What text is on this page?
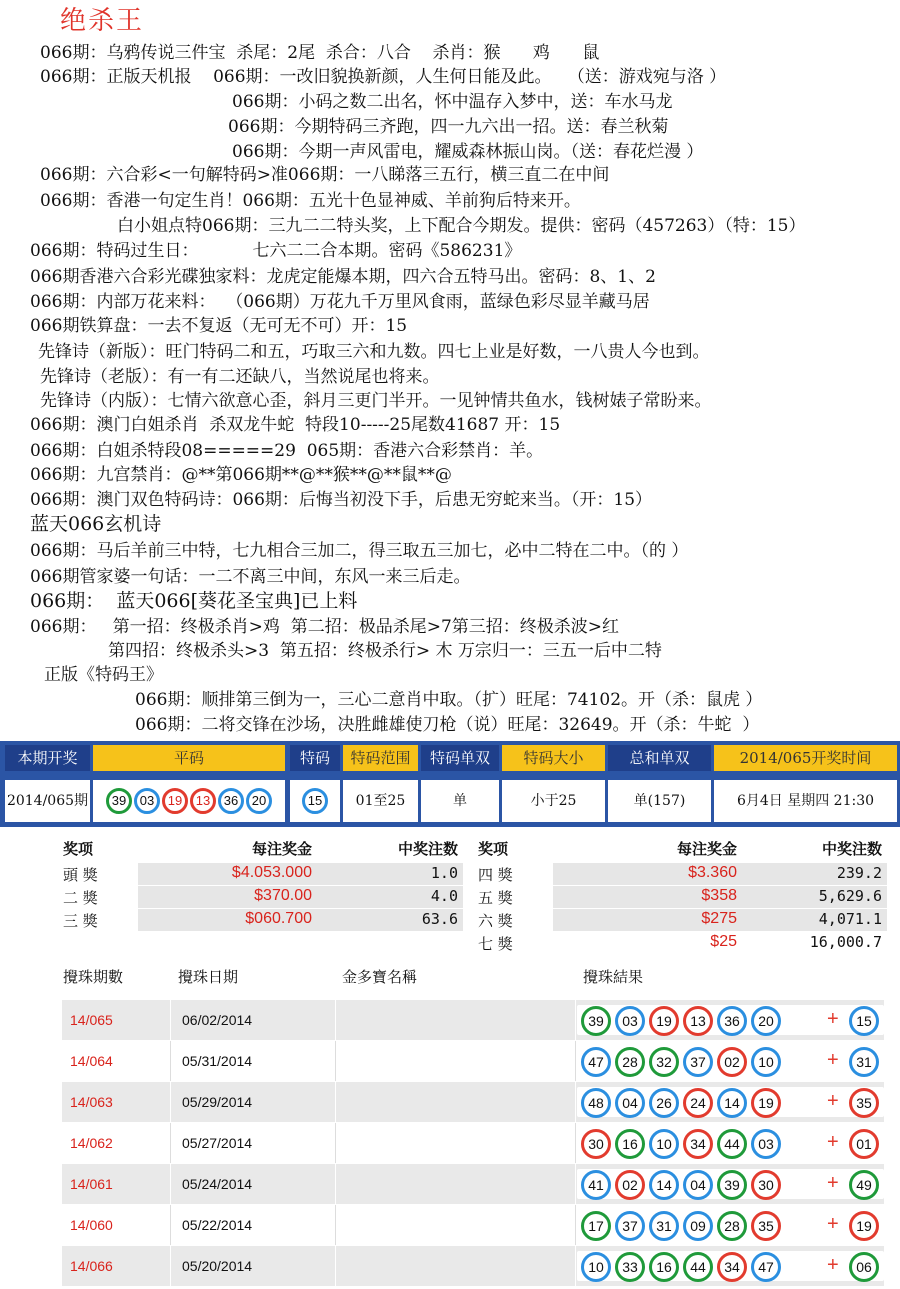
绝杀王
066期：乌鸦传说三件宝  杀尾：2尾  杀合：八合    杀肖：猴      鸡      鼠
066期：正版天机报    066期：一改旧貌换新颜，人生何日能及此。   （送：游戏宛与洛 ）
066期：小码之数二出名，怀中温存入梦中，送：车水马龙
066期：今期特码三齐跑，四一九六出一招。送：春兰秋菊
066期：今期一声风雷电，耀威森林振山岗。（送：春花烂漫 ）
066期：六合彩<一句解特码>准066期：一八睇落三五行，横三直二在中间
066期：香港一句定生肖！066期：五光十色显神威、羊前狗后特来开。
白小姐点特066期：三九二二特头奖，上下配合今期发。提供：密码（457263）（特：15）
066期：特码过生日：          七六二二合本期。密码《586231》
066期香港六合彩光碟独家料：龙虎定能爆本期，四六合五特马出。密码：8、1、2
066期：内部万花来料：  （066期）万花九千万里风食雨，蓝绿色彩尽显羊藏马居
066期铁算盘：一去不复返（无可无不可）开：15
先锋诗（新版）：旺门特码二和五，巧取三六和九数。四七上业是好数，一八贵人今也到。
先锋诗（老版）：有一有二还缺八，当然说尾也将来。
先锋诗（内版）：七情六欲意心歪，斜月三更门半开。一见钟情共鱼水，钱树婊子常盼来。
066期：澳门白姐杀肖  杀双龙牛蛇  特段10-----25尾数41687 开：15
066期：白姐杀特段08=====29  065期：香港六合彩禁肖：羊。
066期：九宫禁肖：@**第066期**@**猴**@**鼠**@
066期：澳门双色特码诗：066期：后悔当初没下手，后患无穷蛇来当。（开：15）
蓝天066玄机诗
066期：马后羊前三中特，七九相合三加二，得三取五三加七，必中二特在二中。（的 ）
066期管家婆一句话：一二不离三中间，东风一来三后走。
066期：  蓝天066[葵花圣宝典]已上料
066期：   第一招：终极杀肖>鸡  第二招：极品杀尾>7第三招：终极杀波>红
第四招：终极杀头>3  第五招：终极杀行> 木 万宗归一：三五一后中二特
正版《特码王》
066期：顺排第三倒为一，三心二意肖中取。（扩）旺尾：74102。开（杀：鼠虎 ）
066期：二将交锋在沙场，决胜雌雄使刀枪（说）旺尾：32649。开（杀：牛蛇  ）
本期开奖	平码	特码	特码范围	特码单双	特码大小	总和单双	2014/065开奖时间
2014/065期	39 03 19 13 36 20	15	01至25	单	小于25	单(157)	6月4日 星期四 21:30
奖项	每注奖金	中奖注数
頭 獎	$4.053.000	1.0
二 獎	$370.00	4.0
三 獎	$060.700	63.6
奖项	每注奖金	中奖注数
四 獎	$3.360	239.2
五 獎	$358	5,629.6
六 獎	$275	4,071.1
七 獎	$25	16,000.7
攪珠期數	攪珠日期	金多寶名稱	攪珠結果
14/065	06/02/2014	39	03	19	13	36	20	+	15
14/064	05/31/2014	47	28	32	37	02	10	+	31
14/063	05/29/2014	48	04	26	24	14	19	+	35
14/062	05/27/2014	30	16	10	34	44	03	+	01
14/061	05/24/2014	41	02	14	04	39	30	+	49
14/060	05/22/2014	17	37	31	09	28	35	+	19
14/066	05/20/2014	10	33	16	44	34	47	+	06
